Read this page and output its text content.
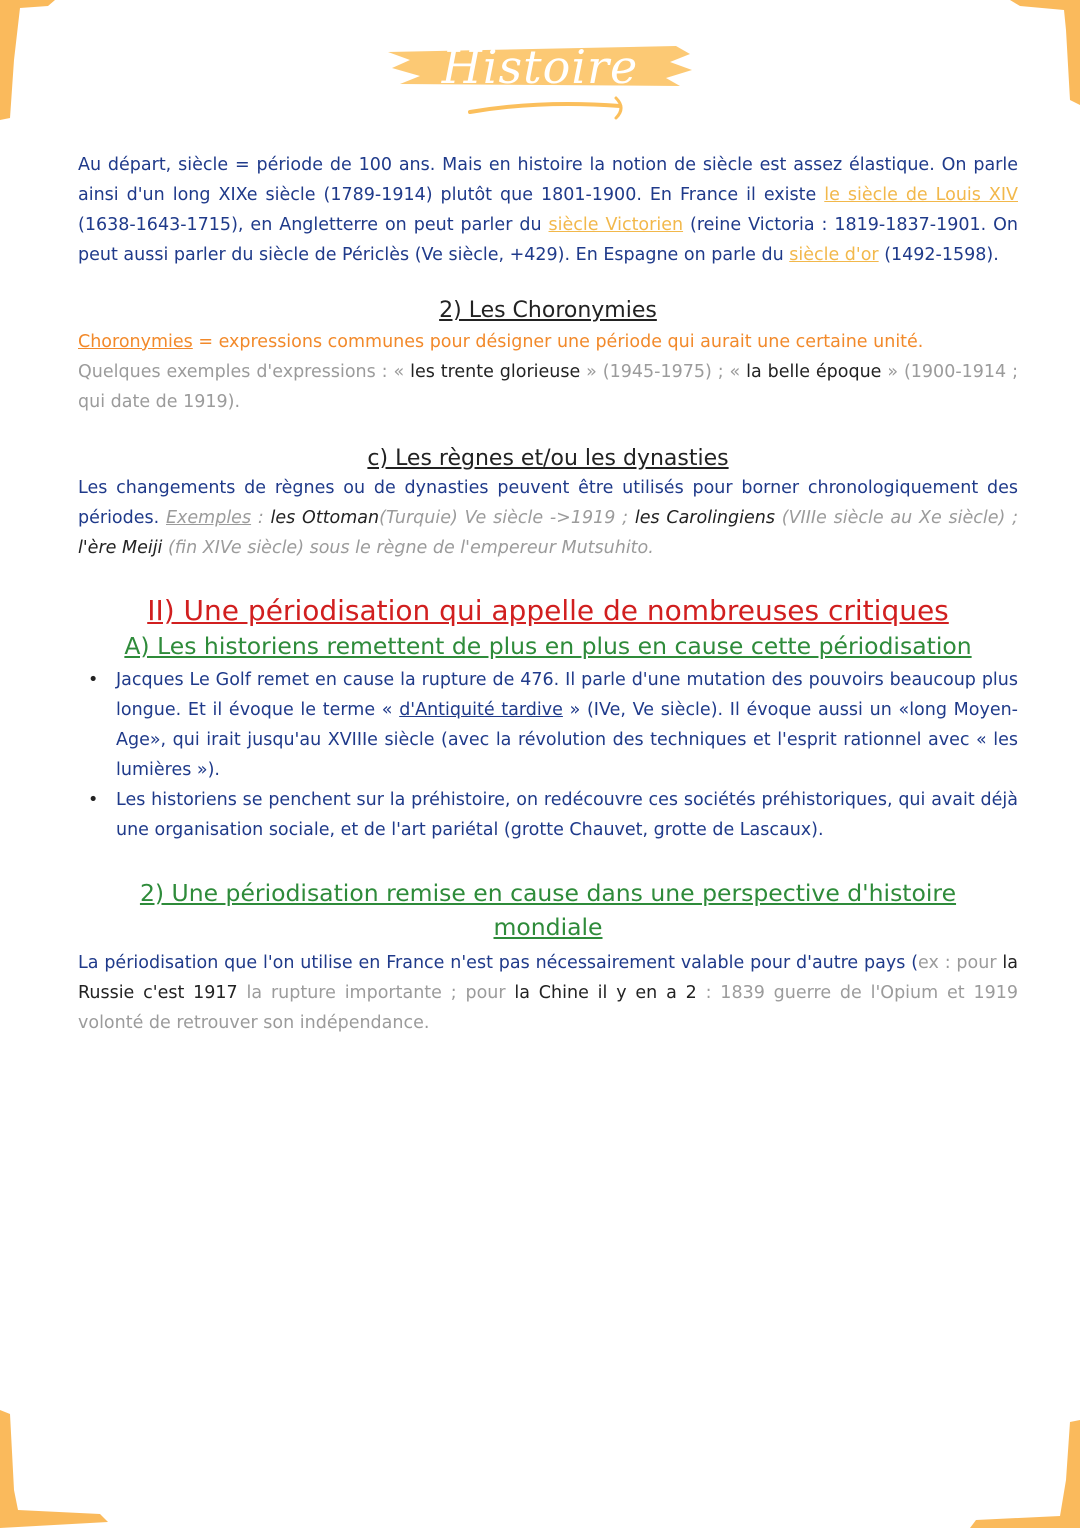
Histoire

Au départ, siècle = période de 100 ans. Mais en histoire la notion de siècle est assez élastique. On parle ainsi d'un long XIXe siècle (1789-1914) plutôt que 1801-1900. En France il existe le siècle de Louis XIV (1638-1643-1715), en Angletterre on peut parler du siècle Victorien (reine Victoria : 1819-1837-1901. On peut aussi parler du siècle de Périclès (Ve siècle, +429). En Espagne on parle du siècle d'or (1492-1598).

2) Les Choronymies

Choronymies = expressions communes pour désigner une période qui aurait une certaine unité.

Quelques exemples d'expressions : « les trente glorieuse » (1945-1975) ; « la belle époque » (1900-1914 ; qui date de 1919).

c) Les règnes et/ou les dynasties

Les changements de règnes ou de dynasties peuvent être utilisés pour borner chronologiquement des périodes. Exemples : les Ottoman(Turquie) Ve siècle ->1919 ; les Carolingiens (VIIIe siècle au Xe siècle) ; l'ère Meiji (fin XIVe siècle) sous le règne de l'empereur Mutsuhito.

II) Une périodisation qui appelle de nombreuses critiques

A) Les historiens remettent de plus en plus en cause cette périodisation

• Jacques Le Golf remet en cause la rupture de 476. Il parle d'une mutation des pouvoirs beaucoup plus longue. Et il évoque le terme « d'Antiquité tardive » (IVe, Ve siècle). Il évoque aussi un «long Moyen- Age», qui irait jusqu'au XVIIIe siècle (avec la révolution des techniques et l'esprit rationnel avec « les lumières »).
• Les historiens se penchent sur la préhistoire, on redécouvre ces sociétés préhistoriques, qui avait déjà une organisation sociale, et de l'art pariétal (grotte Chauvet, grotte de Lascaux).

2) Une périodisation remise en cause dans une perspective d'histoire

mondiale

La périodisation que l'on utilise en France n'est pas nécessairement valable pour d'autre pays (ex : pour la Russie c'est 1917 la rupture importante ; pour la Chine il y en a 2 : 1839 guerre de l'Opium et 1919 volonté de retrouver son indépendance.
